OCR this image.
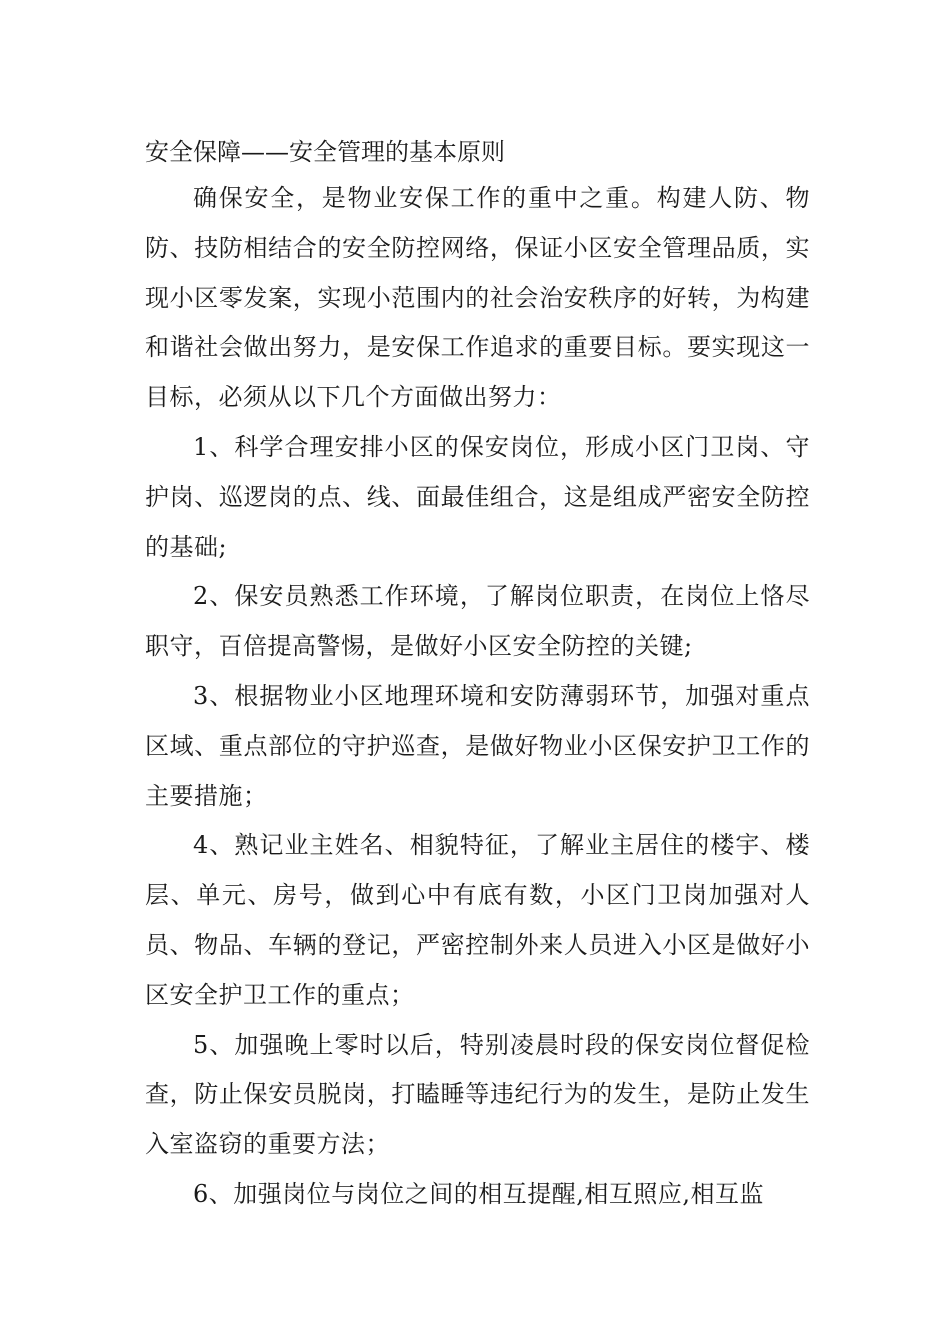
安全保障——安全管理的基本原则

确保安全，是物业安保工作的重中之重。构建人防、物防、技防相结合的安全防控网络，保证小区安全管理品质，实现小区零发案，实现小范围内的社会治安秩序的好转，为构建和谐社会做出努力，是安保工作追求的重要目标。要实现这一目标，必须从以下几个方面做出努力：

1、科学合理安排小区的保安岗位，形成小区门卫岗、守护岗、巡逻岗的点、线、面最佳组合，这是组成严密安全防控的基础;

2、保安员熟悉工作环境，了解岗位职责，在岗位上恪尽职守，百倍提高警惕，是做好小区安全防控的关键;

3、根据物业小区地理环境和安防薄弱环节，加强对重点区域、重点部位的守护巡查，是做好物业小区保安护卫工作的主要措施；

4、熟记业主姓名、相貌特征，了解业主居住的楼宇、楼层、单元、房号，做到心中有底有数，小区门卫岗加强对人员、物品、车辆的登记，严密控制外来人员进入小区是做好小区安全护卫工作的重点；

5、加强晚上零时以后，特别凌晨时段的保安岗位督促检查，防止保安员脱岗，打瞌睡等违纪行为的发生，是防止发生入室盗窃的重要方法；

6、加强岗位与岗位之间的相互提醒,相互照应,相互监
